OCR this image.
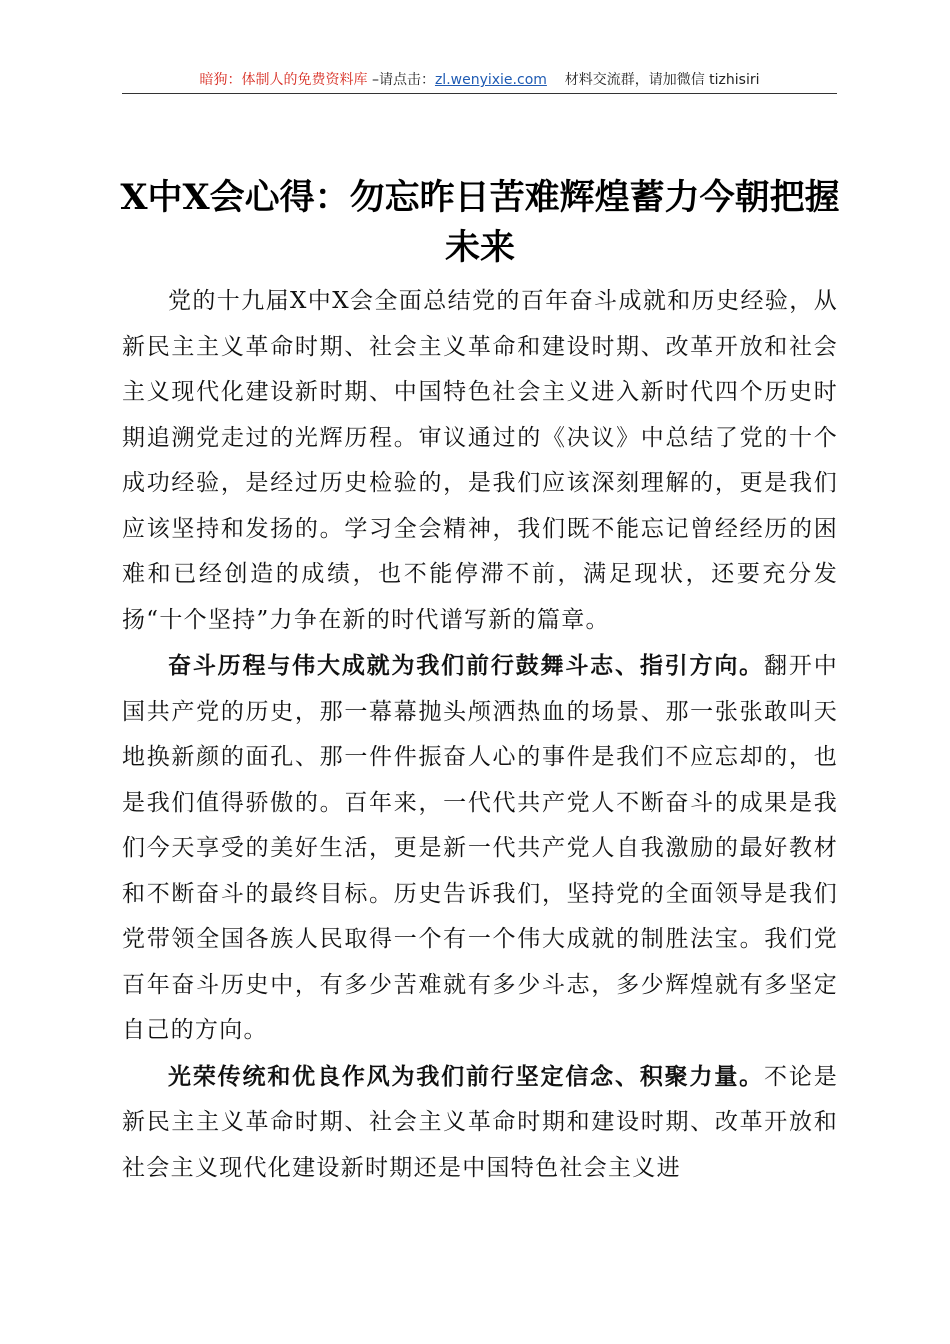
暗狗：体制人的免费资料库 –请点击：zl.wenyixie.com 材料交流群，请加微信 tizhisiri
X中X会心得：勿忘昨日苦难辉煌蓄力今朝把握未来

党的十九届X中X会全面总结党的百年奋斗成就和历史经验，从新民主主义革命时期、社会主义革命和建设时期、改革开放和社会主义现代化建设新时期、中国特色社会主义进入新时代四个历史时期追溯党走过的光辉历程。审议通过的《决议》中总结了党的十个成功经验，是经过历史检验的，是我们应该深刻理解的，更是我们应该坚持和发扬的。学习全会精神，我们既不能忘记曾经经历的困难和已经创造的成绩，也不能停滞不前，满足现状，还要充分发扬“十个坚持”力争在新的时代谱写新的篇章。

奋斗历程与伟大成就为我们前行鼓舞斗志、指引方向。翻开中国共产党的历史，那一幕幕抛头颅洒热血的场景、那一张张敢叫天地换新颜的面孔、那一件件振奋人心的事件是我们不应忘却的，也是我们值得骄傲的。百年来，一代代共产党人不断奋斗的成果是我们今天享受的美好生活，更是新一代共产党人自我激励的最好教材和不断奋斗的最终目标。历史告诉我们，坚持党的全面领导是我们党带领全国各族人民取得一个有一个伟大成就的制胜法宝。我们党百年奋斗历史中，有多少苦难就有多少斗志，多少辉煌就有多坚定自己的方向。

光荣传统和优良作风为我们前行坚定信念、积聚力量。不论是新民主主义革命时期、社会主义革命时期和建设时期、改革开放和社会主义现代化建设新时期还是中国特色社会主义进
